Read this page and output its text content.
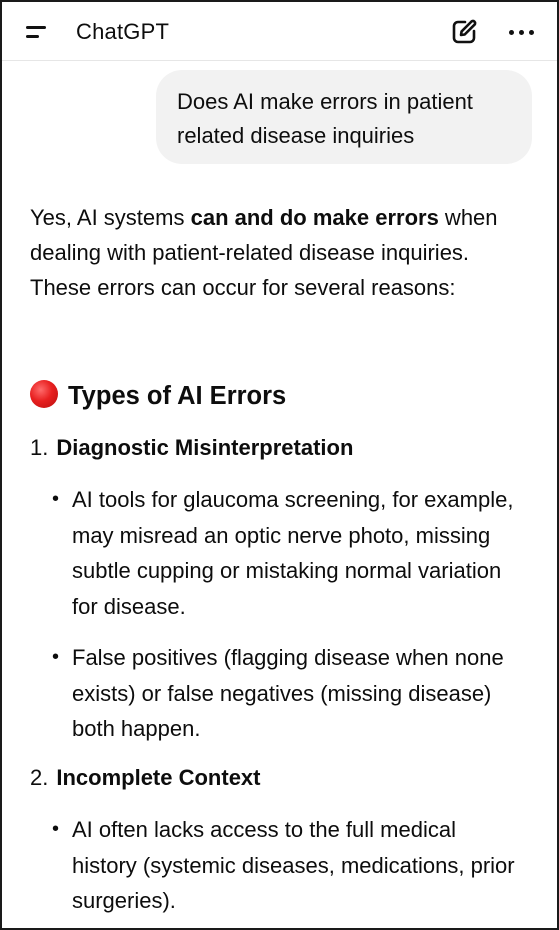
ChatGPT
Does AI make errors in patient related disease inquiries
Yes, AI systems can and do make errors when dealing with patient-related disease inquiries. These errors can occur for several reasons:
Types of AI Errors
1. Diagnostic Misinterpretation
• AI tools for glaucoma screening, for example, may misread an optic nerve photo, missing subtle cupping or mistaking normal variation for disease.
• False positives (flagging disease when none exists) or false negatives (missing disease) both happen.
2. Incomplete Context
• AI often lacks access to the full medical history (systemic diseases, medications, prior surgeries).
